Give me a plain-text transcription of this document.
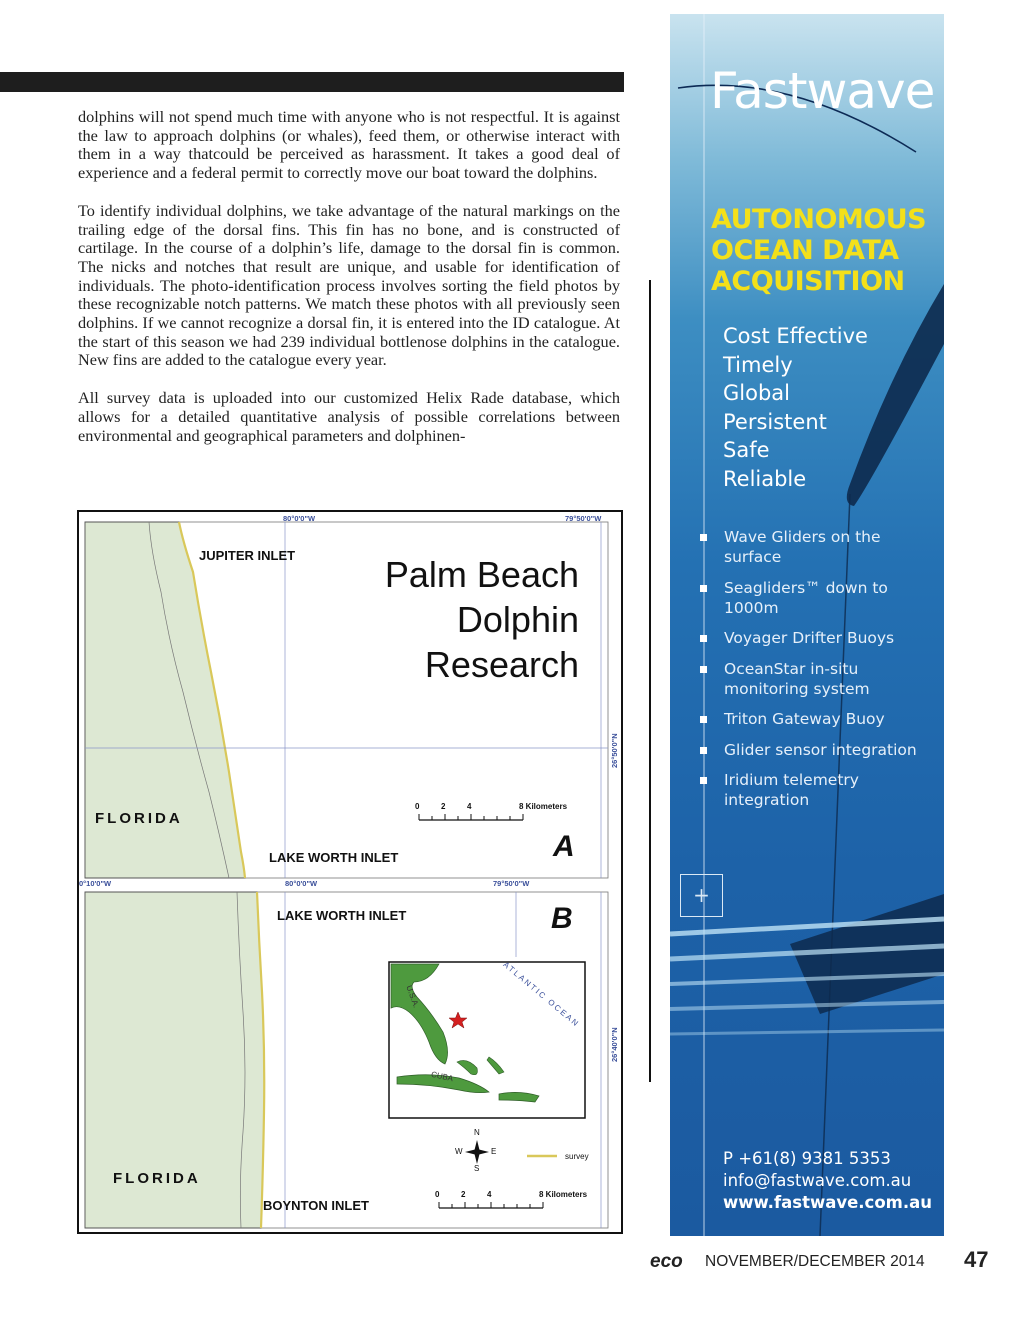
dolphins will not spend much time with anyone who is not respectful. It is against the law to approach dolphins (or whales), feed them, or otherwise interact with them in a way thatcould be perceived as harassment. It takes a good deal of experience and a federal permit to correctly move our boat toward the dolphins.

To identify individual dolphins, we take advantage of the natural markings on the trailing edge of the dorsal fins. This fin has no bone, and is constructed of cartilage. In the course of a dolphin’s life, damage to the dorsal fin is common. The nicks and notches that result are unique, and usable for identification of individuals. The photo-identification process involves sorting the field photos by these recognizable notch patterns. We match these photos with all previously seen dolphins. If we cannot recognize a dorsal fin, it is entered into the ID catalogue. At the start of this season we had 239 individual bottlenose dolphins in the catalogue. New fins are added to the catalogue every year.

All survey data is uploaded into our customized Helix Rade database, which allows for a detailed quantitative analysis of possible correlations between environmental and geographical parameters and dolphinen-

80°0'0"W	79°50'0"W
26°50'0"N
JUPITER INLET Palm Beach
Dolphin
Research
FLORIDA
0	2	4	8 Kilometers
LAKE WORTH INLET	A
0°10'0"W	80°0'0"W	79°50'0"W
26°40'0"N
LAKE WORTH INLET	B
ATLANTIC OCEAN
U.S.A.
CUBA
N
S
E
W
survey
FLORIDA
BOYNTON INLET
0	2	4	8 Kilometers
Fastwave
AUTONOMOUS
OCEAN DATA
ACQUISITION
Cost Effective
Timely
Global
Persistent
Safe
Reliable
Wave Gliders on the surface
Seagliders™ down to 1000m
Voyager Drifter Buoys
OceanStar in-situ monitoring system
Triton Gateway Buoy
Glider sensor integration
Iridium telemetry integration
+
P +61(8) 9381 5353
info@fastwave.com.au
www.fastwave.com.au
eco NOVEMBER/DECEMBER 2014 47
